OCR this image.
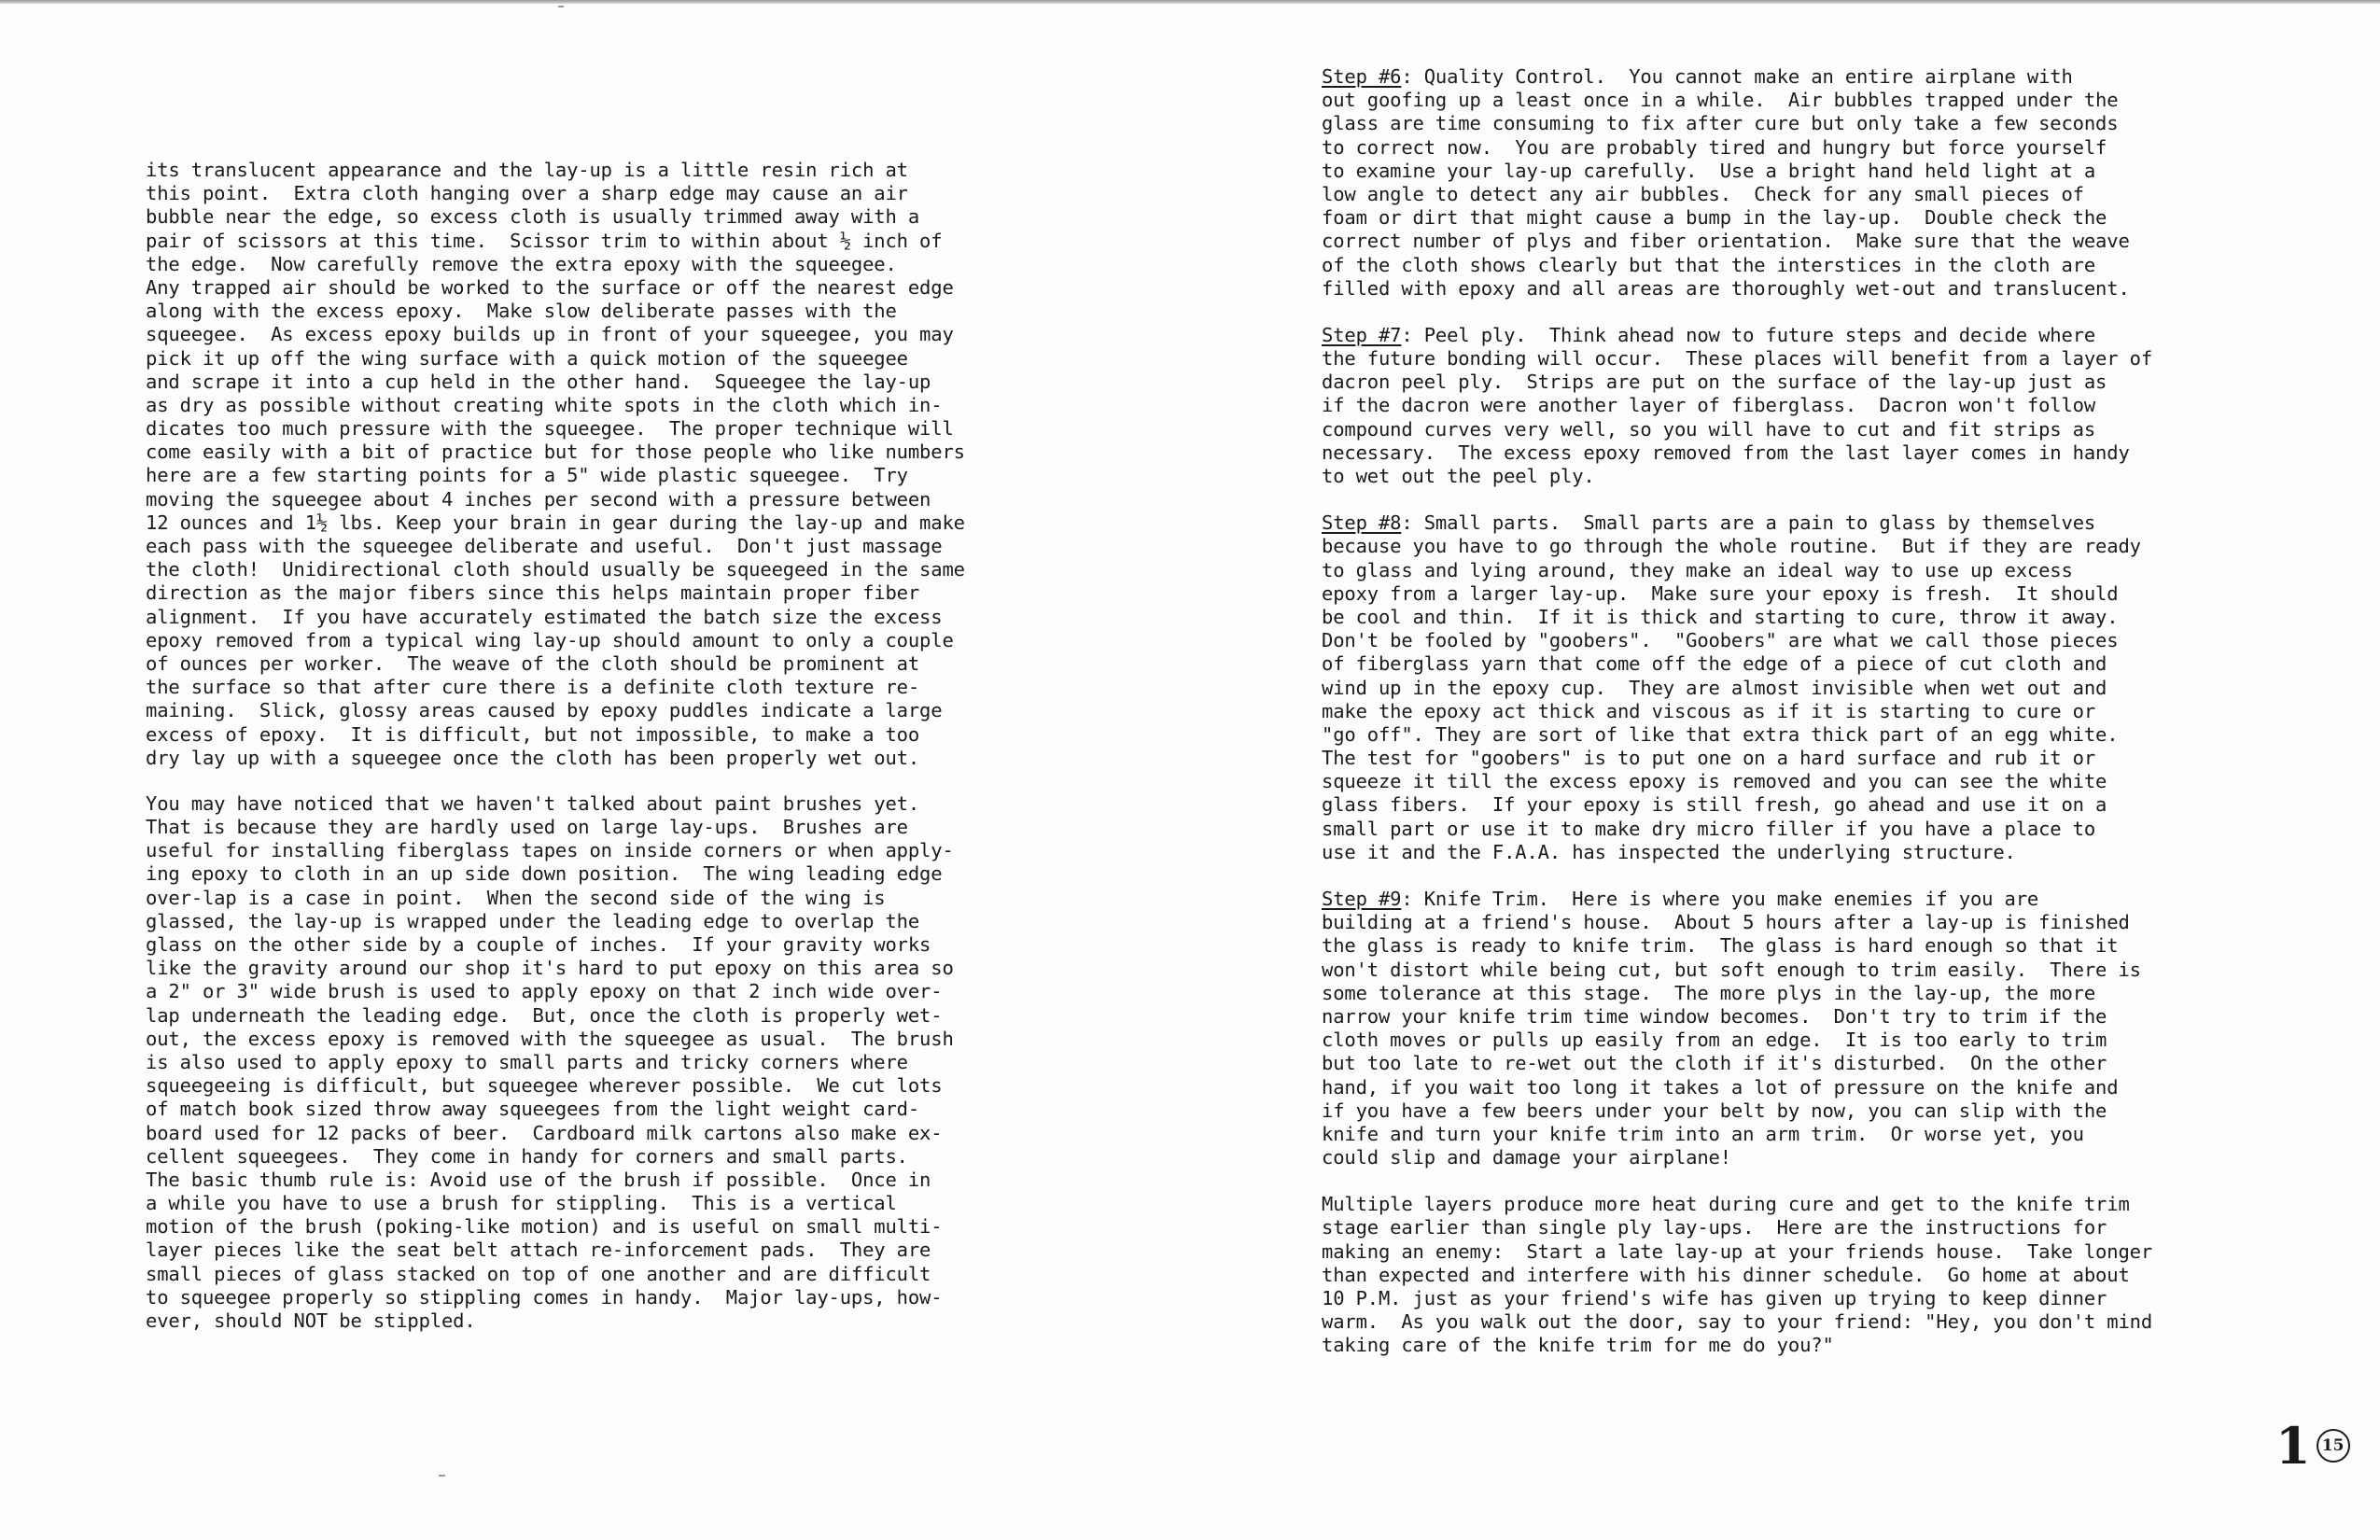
its translucent appearance and the lay-up is a little resin rich at
this point.  Extra cloth hanging over a sharp edge may cause an air
bubble near the edge, so excess cloth is usually trimmed away with a
pair of scissors at this time.  Scissor trim to within about ½ inch of
the edge.  Now carefully remove the extra epoxy with the squeegee.
Any trapped air should be worked to the surface or off the nearest edge
along with the excess epoxy.  Make slow deliberate passes with the
squeegee.  As excess epoxy builds up in front of your squeegee, you may
pick it up off the wing surface with a quick motion of the squeegee
and scrape it into a cup held in the other hand.  Squeegee the lay-up
as dry as possible without creating white spots in the cloth which in-
dicates too much pressure with the squeegee.  The proper technique will
come easily with a bit of practice but for those people who like numbers
here are a few starting points for a 5" wide plastic squeegee.  Try
moving the squeegee about 4 inches per second with a pressure between
12 ounces and 1½ lbs. Keep your brain in gear during the lay-up and make
each pass with the squeegee deliberate and useful.  Don't just massage
the cloth!  Unidirectional cloth should usually be squeegeed in the same
direction as the major fibers since this helps maintain proper fiber
alignment.  If you have accurately estimated the batch size the excess
epoxy removed from a typical wing lay-up should amount to only a couple
of ounces per worker.  The weave of the cloth should be prominent at
the surface so that after cure there is a definite cloth texture re-
maining.  Slick, glossy areas caused by epoxy puddles indicate a large
excess of epoxy.  It is difficult, but not impossible, to make a too
dry lay up with a squeegee once the cloth has been properly wet out.
You may have noticed that we haven't talked about paint brushes yet.
That is because they are hardly used on large lay-ups.  Brushes are
useful for installing fiberglass tapes on inside corners or when apply-
ing epoxy to cloth in an up side down position.  The wing leading edge
over-lap is a case in point.  When the second side of the wing is
glassed, the lay-up is wrapped under the leading edge to overlap the
glass on the other side by a couple of inches.  If your gravity works
like the gravity around our shop it's hard to put epoxy on this area so
a 2" or 3" wide brush is used to apply epoxy on that 2 inch wide over-
lap underneath the leading edge.  But, once the cloth is properly wet-
out, the excess epoxy is removed with the squeegee as usual.  The brush
is also used to apply epoxy to small parts and tricky corners where
squeegeeing is difficult, but squeegee wherever possible.  We cut lots
of match book sized throw away squeegees from the light weight card-
board used for 12 packs of beer.  Cardboard milk cartons also make ex-
cellent squeegees.  They come in handy for corners and small parts.
The basic thumb rule is: Avoid use of the brush if possible.  Once in
a while you have to use a brush for stippling.  This is a vertical
motion of the brush (poking-like motion) and is useful on small multi-
layer pieces like the seat belt attach re-inforcement pads.  They are
small pieces of glass stacked on top of one another and are difficult
to squeegee properly so stippling comes in handy.  Major lay-ups, how-
ever, should NOT be stippled.
Step #6: Quality Control.  You cannot make an entire airplane with
out goofing up a least once in a while.  Air bubbles trapped under the
glass are time consuming to fix after cure but only take a few seconds
to correct now.  You are probably tired and hungry but force yourself
to examine your lay-up carefully.  Use a bright hand held light at a
low angle to detect any air bubbles.  Check for any small pieces of
foam or dirt that might cause a bump in the lay-up.  Double check the
correct number of plys and fiber orientation.  Make sure that the weave
of the cloth shows clearly but that the interstices in the cloth are
filled with epoxy and all areas are thoroughly wet-out and translucent.
Step #7: Peel ply.  Think ahead now to future steps and decide where
the future bonding will occur.  These places will benefit from a layer of
dacron peel ply.  Strips are put on the surface of the lay-up just as
if the dacron were another layer of fiberglass.  Dacron won't follow
compound curves very well, so you will have to cut and fit strips as
necessary.  The excess epoxy removed from the last layer comes in handy
to wet out the peel ply.
Step #8: Small parts.  Small parts are a pain to glass by themselves
because you have to go through the whole routine.  But if they are ready
to glass and lying around, they make an ideal way to use up excess
epoxy from a larger lay-up.  Make sure your epoxy is fresh.  It should
be cool and thin.  If it is thick and starting to cure, throw it away.
Don't be fooled by "goobers".  "Goobers" are what we call those pieces
of fiberglass yarn that come off the edge of a piece of cut cloth and
wind up in the epoxy cup.  They are almost invisible when wet out and
make the epoxy act thick and viscous as if it is starting to cure or
"go off". They are sort of like that extra thick part of an egg white.
The test for "goobers" is to put one on a hard surface and rub it or
squeeze it till the excess epoxy is removed and you can see the white
glass fibers.  If your epoxy is still fresh, go ahead and use it on a
small part or use it to make dry micro filler if you have a place to
use it and the F.A.A. has inspected the underlying structure.
Step #9: Knife Trim.  Here is where you make enemies if you are
building at a friend's house.  About 5 hours after a lay-up is finished
the glass is ready to knife trim.  The glass is hard enough so that it
won't distort while being cut, but soft enough to trim easily.  There is
some tolerance at this stage.  The more plys in the lay-up, the more
narrow your knife trim time window becomes.  Don't try to trim if the
cloth moves or pulls up easily from an edge.  It is too early to trim
but too late to re-wet out the cloth if it's disturbed.  On the other
hand, if you wait too long it takes a lot of pressure on the knife and
if you have a few beers under your belt by now, you can slip with the
knife and turn your knife trim into an arm trim.  Or worse yet, you
could slip and damage your airplane!
Multiple layers produce more heat during cure and get to the knife trim
stage earlier than single ply lay-ups.  Here are the instructions for
making an enemy:  Start a late lay-up at your friends house.  Take longer
than expected and interfere with his dinner schedule.  Go home at about
10 P.M. just as your friend's wife has given up trying to keep dinner
warm.  As you walk out the door, say to your friend: "Hey, you don't mind
taking care of the knife trim for me do you?"
1 15
